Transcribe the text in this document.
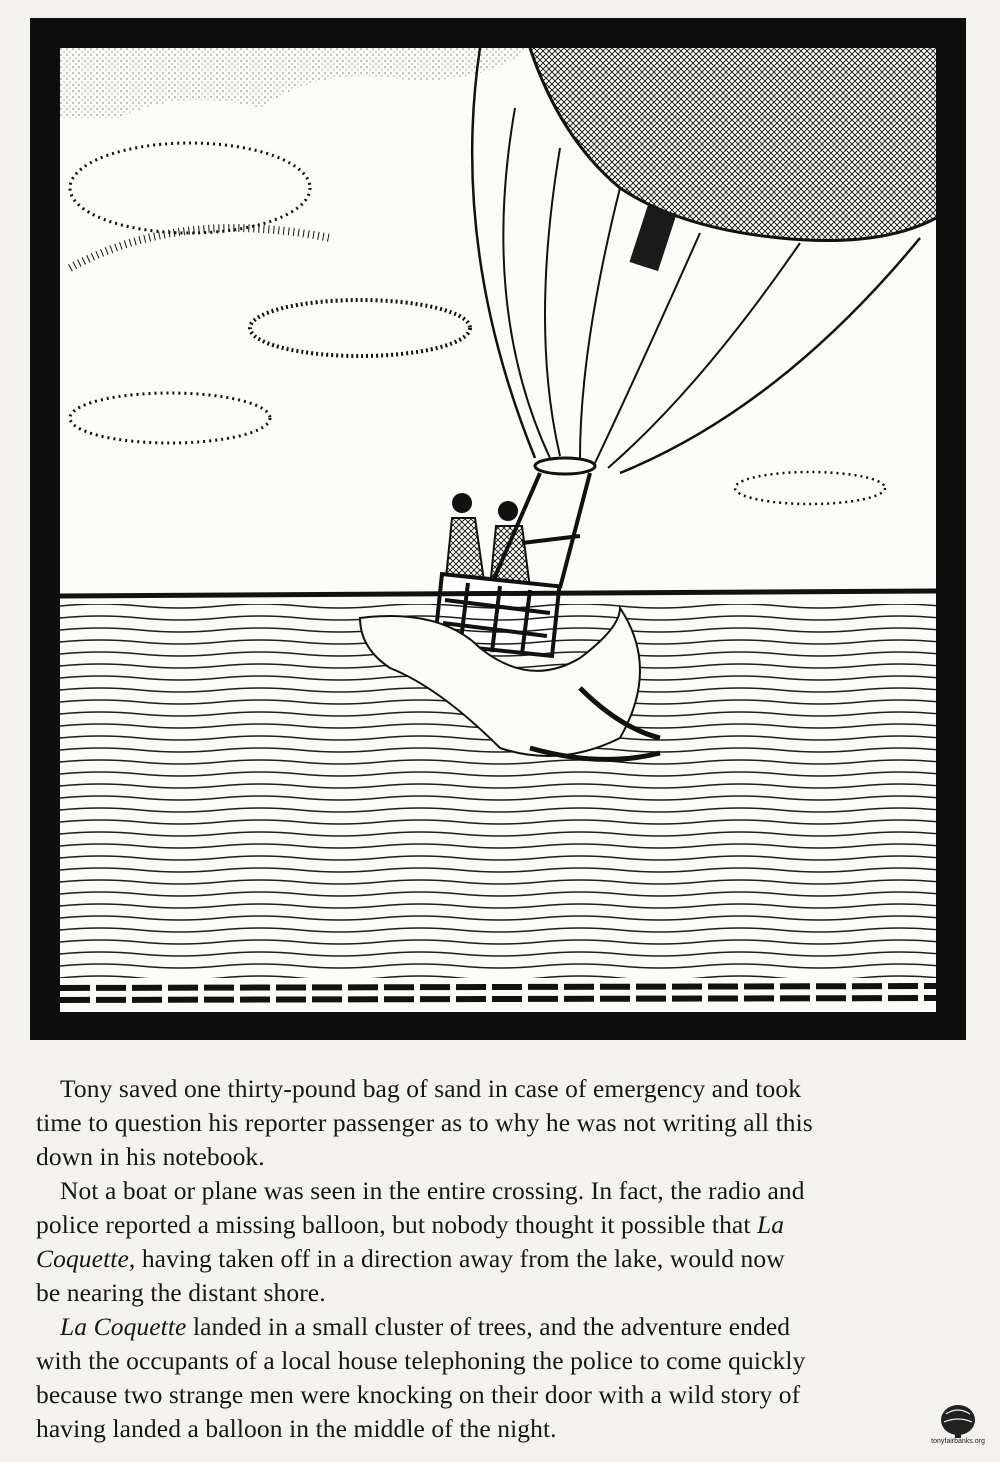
Tony saved one thirty-pound bag of sand in case of emergency and took
time to question his reporter passenger as to why he was not writing all this
down in his notebook.

Not a boat or plane was seen in the entire crossing. In fact, the radio and
police reported a missing balloon, but nobody thought it possible that La
Coquette, having taken off in a direction away from the lake, would now
be nearing the distant shore.

La Coquette landed in a small cluster of trees, and the adventure ended
with the occupants of a local house telephoning the police to come quickly
because two strange men were knocking on their door with a wild story of
having landed a balloon in the middle of the night.	tonyfairbanks.org
